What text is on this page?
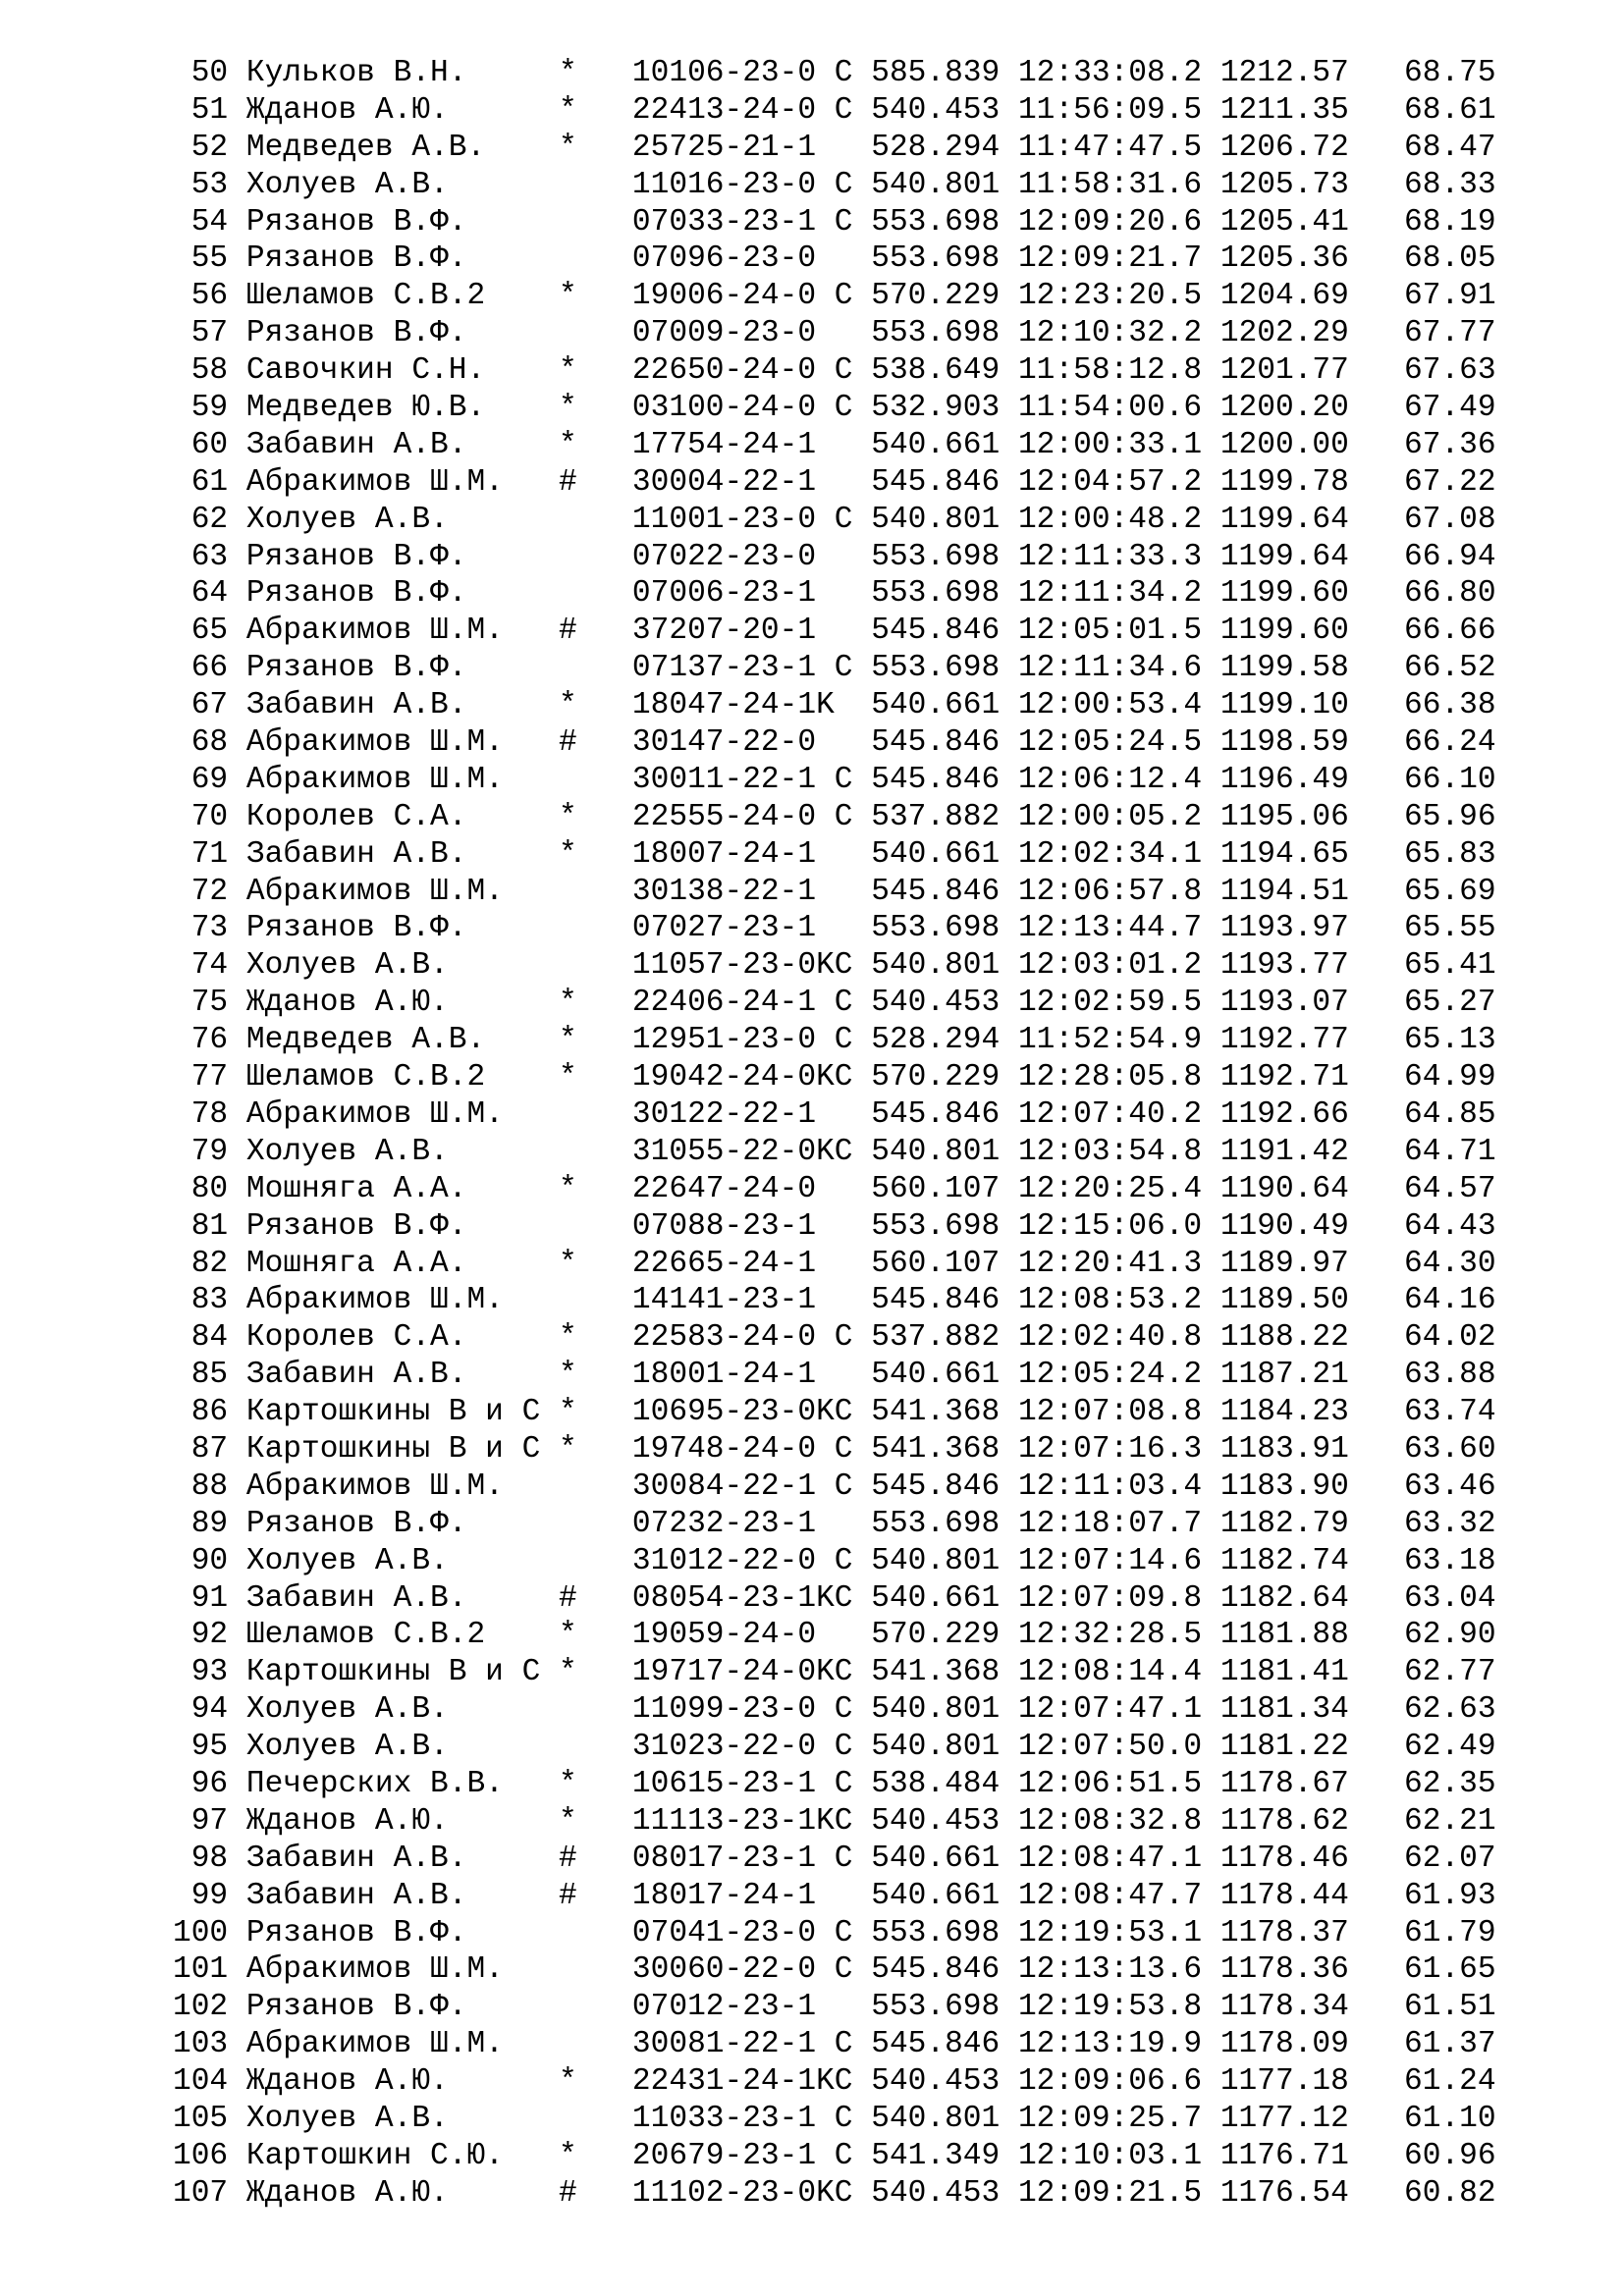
50 Кульков В.Н.     * 10106-23-0 C 585.839 12:33:08.2 1212.57   68.75
51 Жданов А.Ю.      * 22413-24-0 C 540.453 11:56:09.5 1211.35   68.61
52 Медведев А.В.    * 25725-21-1 528.294 11:47:47.5 1206.72   68.47
53 Холуев А.В.	11016-23-0 C 540.801 11:58:31.6 1205.73   68.33
54 Рязанов В.Ф.	07033-23-1 C 553.698 12:09:20.6 1205.41   68.19
55 Рязанов В.Ф.	07096-23-0 553.698 12:09:21.7 1205.36   68.05
56 Шеламов С.В.2    * 19006-24-0 C 570.229 12:23:20.5 1204.69   67.91
57 Рязанов В.Ф.	07009-23-0 553.698 12:10:32.2 1202.29   67.77
58 Савочкин С.Н.    * 22650-24-0 C 538.649 11:58:12.8 1201.77   67.63
59 Медведев Ю.В.    * 03100-24-0 C 532.903 11:54:00.6 1200.20   67.49
60 Забавин А.В.     * 17754-24-1 540.661 12:00:33.1 1200.00   67.36
61 Абракимов Ш.М.   # 30004-22-1 545.846 12:04:57.2 1199.78   67.22
62 Холуев А.В.	11001-23-0 C 540.801 12:00:48.2 1199.64   67.08
63 Рязанов В.Ф.	07022-23-0 553.698 12:11:33.3 1199.64   66.94
64 Рязанов В.Ф.	07006-23-1 553.698 12:11:34.2 1199.60   66.80
65 Абракимов Ш.М.   # 37207-20-1 545.846 12:05:01.5 1199.60   66.66
66 Рязанов В.Ф.	07137-23-1 C 553.698 12:11:34.6 1199.58   66.52
67 Забавин А.В.     * 18047-24-1K  540.661 12:00:53.4 1199.10   66.38
68 Абракимов Ш.М.   # 30147-22-0 545.846 12:05:24.5 1198.59   66.24
69 Абракимов Ш.М.	30011-22-1 C 545.846 12:06:12.4 1196.49   66.10
70 Королев С.А.     * 22555-24-0 C 537.882 12:00:05.2 1195.06   65.96
71 Забавин А.В.     * 18007-24-1 540.661 12:02:34.1 1194.65   65.83
72 Абракимов Ш.М.	30138-22-1 545.846 12:06:57.8 1194.51   65.69
73 Рязанов В.Ф.	07027-23-1 553.698 12:13:44.7 1193.97   65.55
74 Холуев А.В.	11057-23-0KC 540.801 12:03:01.2 1193.77   65.41
75 Жданов А.Ю.      * 22406-24-1 C 540.453 12:02:59.5 1193.07   65.27
76 Медведев А.В.    * 12951-23-0 C 528.294 11:52:54.9 1192.77   65.13
77 Шеламов С.В.2    * 19042-24-0KC 570.229 12:28:05.8 1192.71   64.99
78 Абракимов Ш.М.	30122-22-1 545.846 12:07:40.2 1192.66   64.85
79 Холуев А.В.	31055-22-0KC 540.801 12:03:54.8 1191.42   64.71
80 Мошняга А.А.     * 22647-24-0 560.107 12:20:25.4 1190.64   64.57
81 Рязанов В.Ф.	07088-23-1 553.698 12:15:06.0 1190.49   64.43
82 Мошняга А.А.     * 22665-24-1 560.107 12:20:41.3 1189.97   64.30
83 Абракимов Ш.М.	14141-23-1 545.846 12:08:53.2 1189.50   64.16
84 Королев С.А.     * 22583-24-0 C 537.882 12:02:40.8 1188.22   64.02
85 Забавин А.В.     * 18001-24-1 540.661 12:05:24.2 1187.21   63.88
86 Картошкины В и С * 10695-23-0KC 541.368 12:07:08.8 1184.23   63.74
87 Картошкины В и С * 19748-24-0 C 541.368 12:07:16.3 1183.91   63.60
88 Абракимов Ш.М.	30084-22-1 C 545.846 12:11:03.4 1183.90   63.46
89 Рязанов В.Ф.	07232-23-1 553.698 12:18:07.7 1182.79   63.32
90 Холуев А.В.	31012-22-0 C 540.801 12:07:14.6 1182.74   63.18
91 Забавин А.В.     # 08054-23-1KC 540.661 12:07:09.8 1182.64   63.04
92 Шеламов С.В.2    * 19059-24-0 570.229 12:32:28.5 1181.88   62.90
93 Картошкины В и С * 19717-24-0KC 541.368 12:08:14.4 1181.41   62.77
94 Холуев А.В.	11099-23-0 C 540.801 12:07:47.1 1181.34   62.63
95 Холуев А.В.	31023-22-0 C 540.801 12:07:50.0 1181.22   62.49
96 Печерских В.В.   * 10615-23-1 C 538.484 12:06:51.5 1178.67   62.35
97 Жданов А.Ю.      * 11113-23-1KC 540.453 12:08:32.8 1178.62   62.21
98 Забавин А.В.     # 08017-23-1 C 540.661 12:08:47.1 1178.46   62.07
99 Забавин А.В.     # 18017-24-1 540.661 12:08:47.7 1178.44   61.93
100 Рязанов В.Ф.	07041-23-0 C 553.698 12:19:53.1 1178.37   61.79
101 Абракимов Ш.М.	30060-22-0 C 545.846 12:13:13.6 1178.36   61.65
102 Рязанов В.Ф.	07012-23-1 553.698 12:19:53.8 1178.34   61.51
103 Абракимов Ш.М.	30081-22-1 C 545.846 12:13:19.9 1178.09   61.37
104 Жданов А.Ю.      * 22431-24-1KC 540.453 12:09:06.6 1177.18   61.24
105 Холуев А.В.	11033-23-1 C 540.801 12:09:25.7 1177.12   61.10
106 Картошкин С.Ю.   * 20679-23-1 C 541.349 12:10:03.1 1176.71   60.96
107 Жданов А.Ю.      # 11102-23-0KC 540.453 12:09:21.5 1176.54   60.82
